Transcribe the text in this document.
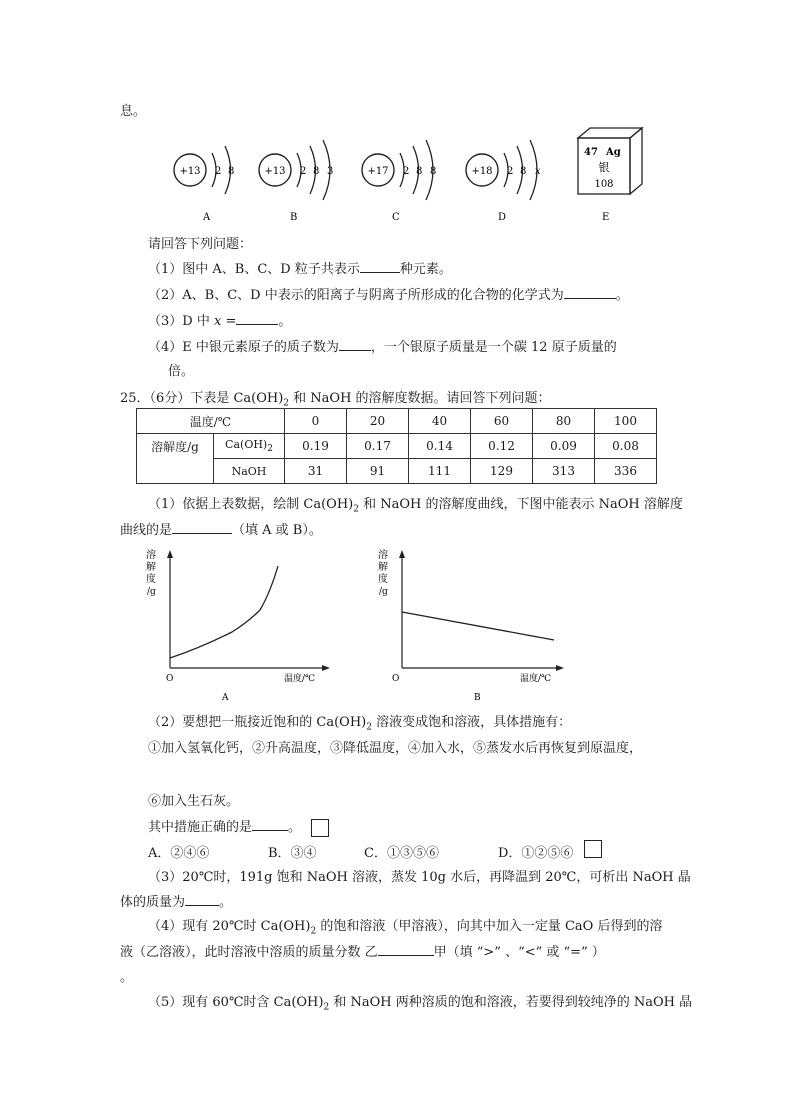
息。
+13 2 8
A
+13 2 8 3
B
+17 2 8 8
C
+18 2 8 x
D
47 Ag
银
108
E
请回答下列问题：
（1）图中 A、B、C、D 粒子共表示	种元素。
（2）A、B、C、D 中表示的阳离子与阴离子所形成的化合物的化学式为	。
（3）D 中 x =	。
（4）E 中银元素原子的质子数为 ，一个银原子质量是一个碳 12 原子质量的
倍。
25．（6分）下表是 $Ca(OH)_2$ 和 NaOH 的溶解度数据。请回答下列问题：
温度/℃		0	20	40	60	80	100
溶解度/g	$Ca(OH)_2$	0.19	0.17	0.14	0.12	0.09	0.08
	NaOH	31	91	111	129	313	336
（1）依据上表数据，绘制 $Ca(OH)_2$ 和 NaOH 的溶解度曲线，下图中能表示 NaOH 溶解度
曲线的是	（填 A 或 B）。
溶
解
度
/g
O	温度/℃
A
溶
解
度
/g
O	温度/℃
B
（2）要想把一瓶接近饱和的 $Ca(OH)_2$ 溶液变成饱和溶液，具体措施有：
①加入氢氧化钙，②升高温度，③降低温度，④加入水，⑤蒸发水后再恢复到原温度，
⑥加入生石灰。
其中措施正确的是	。
A．②④⑥	B．③④	C．①③⑤⑥	D．①②⑤⑥
（3）20℃时，191g 饱和 NaOH 溶液，蒸发 10g 水后，再降温到 20℃，可析出 NaOH 晶
体的质量为	。
（4）现有 20℃时 $Ca(OH)_2$ 的饱和溶液（甲溶液），向其中加入一定量 CaO 后得到的溶
液（乙溶液），此时溶液中溶质的质量分数 乙	甲（填 “>” 、“<” 或 “=” ）
。
（5）现有 60℃时含 $Ca(OH)_2$ 和 NaOH 两种溶质的饱和溶液，若要得到较纯净的 NaOH 晶
